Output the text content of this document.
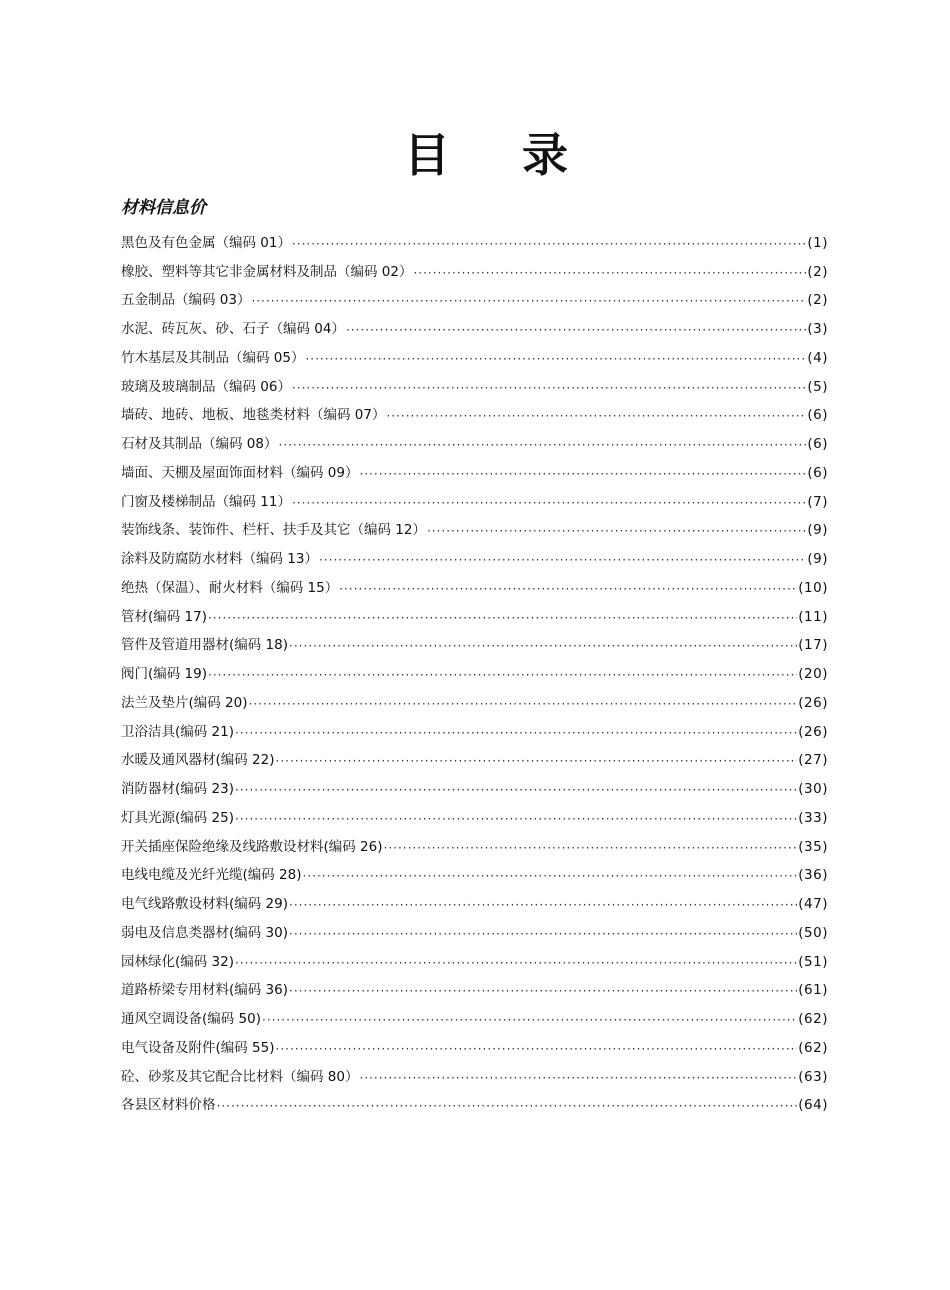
目 录
材料信息价
黑色及有色金属（编码 01） ·····	(1)
橡胶、塑料等其它非金属材料及制品（编码 02） ·····	(2)
五金制品（编码 03） ·····	(2)
水泥、砖瓦灰、砂、石子（编码 04） ·····	(3)
竹木基层及其制品（编码 05） ·····	(4)
玻璃及玻璃制品（编码 06） ·····	(5)
墙砖、地砖、地板、地毯类材料（编码 07） ·····	(6)
石材及其制品（编码 08） ·····	(6)
墙面、天棚及屋面饰面材料（编码 09） ·····	(6)
门窗及楼梯制品（编码 11） ·····	(7)
装饰线条、装饰件、栏杆、扶手及其它（编码 12） ·····	(9)
涂料及防腐防水材料（编码 13） ·····	(9)
绝热（保温）、耐火材料（编码 15） ·····	(10)
管材(编码 17) ·····	(11)
管件及管道用器材(编码 18) ·····	(17)
阀门(编码 19) ·····	(20)
法兰及垫片(编码 20) ·····	(26)
卫浴洁具(编码 21) ·····	(26)
水暖及通风器材(编码 22) ·····	(27)
消防器材(编码 23) ·····	(30)
灯具光源(编码 25) ·····	(33)
开关插座保险绝缘及线路敷设材料(编码 26) ·····	(35)
电线电缆及光纤光缆(编码 28) ·····	(36)
电气线路敷设材料(编码 29) ·····	(47)
弱电及信息类器材(编码 30) ·····	(50)
园林绿化(编码 32) ·····	(51)
道路桥梁专用材料(编码 36) ·····	(61)
通风空调设备(编码 50) ·····	(62)
电气设备及附件(编码 55) ·····	(62)
砼、砂浆及其它配合比材料（编码 80） ·····	(63)
各县区材料价格 ·····	(64)
